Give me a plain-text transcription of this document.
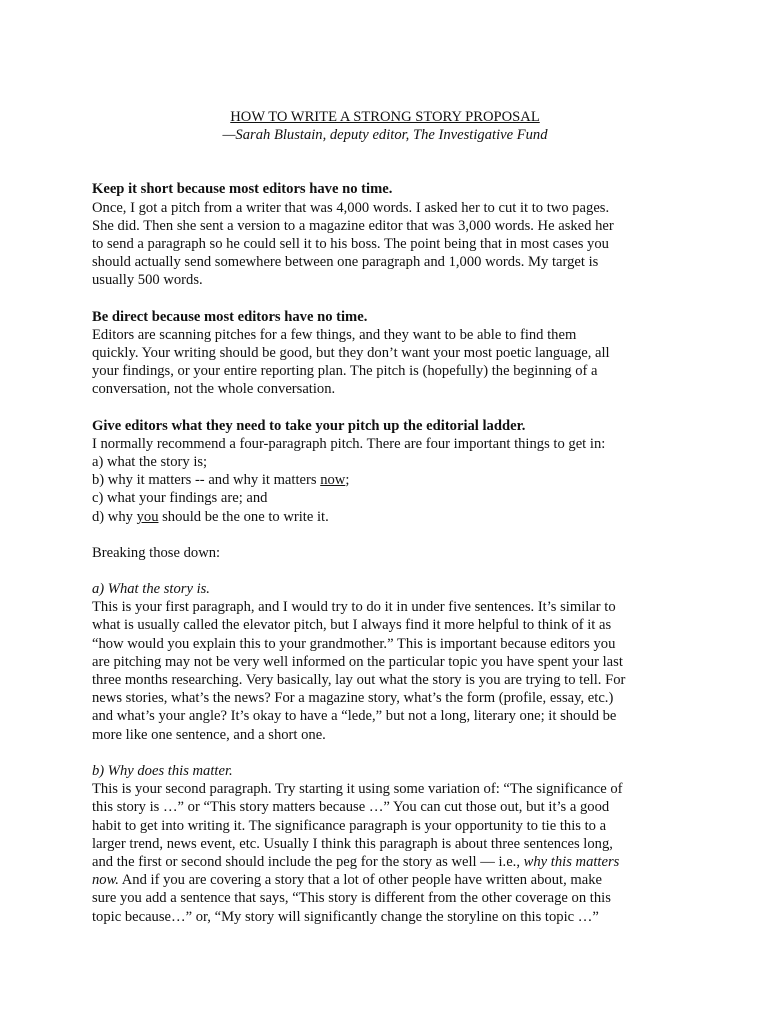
HOW TO WRITE A STRONG STORY PROPOSAL
—Sarah Blustain, deputy editor, The Investigative Fund
Keep it short because most editors have no time.
Once, I got a pitch from a writer that was 4,000 words. I asked her to cut it to two pages.
She did. Then she sent a version to a magazine editor that was 3,000 words. He asked her
to send a paragraph so he could sell it to his boss. The point being that in most cases you
should actually send somewhere between one paragraph and 1,000 words. My target is
usually 500 words.
Be direct because most editors have no time.
Editors are scanning pitches for a few things, and they want to be able to find them
quickly. Your writing should be good, but they don’t want your most poetic language, all
your findings, or your entire reporting plan. The pitch is (hopefully) the beginning of a
conversation, not the whole conversation.
Give editors what they need to take your pitch up the editorial ladder.
I normally recommend a four-paragraph pitch. There are four important things to get in:
a) what the story is;
b) why it matters -- and why it matters now;
c) what your findings are; and
d) why you should be the one to write it.
Breaking those down:
a) What the story is.
This is your first paragraph, and I would try to do it in under five sentences. It’s similar to
what is usually called the elevator pitch, but I always find it more helpful to think of it as
“how would you explain this to your grandmother.” This is important because editors you
are pitching may not be very well informed on the particular topic you have spent your last
three months researching. Very basically, lay out what the story is you are trying to tell. For
news stories, what’s the news? For a magazine story, what’s the form (profile, essay, etc.)
and what’s your angle? It’s okay to have a “lede,” but not a long, literary one; it should be
more like one sentence, and a short one.
b) Why does this matter.
This is your second paragraph. Try starting it using some variation of: “The significance of
this story is …” or “This story matters because …” You can cut those out, but it’s a good
habit to get into writing it. The significance paragraph is your opportunity to tie this to a
larger trend, news event, etc. Usually I think this paragraph is about three sentences long,
and the first or second should include the peg for the story as well — i.e., why this matters
now. And if you are covering a story that a lot of other people have written about, make
sure you add a sentence that says, “This story is different from the other coverage on this
topic because…” or, “My story will significantly change the storyline on this topic …”
